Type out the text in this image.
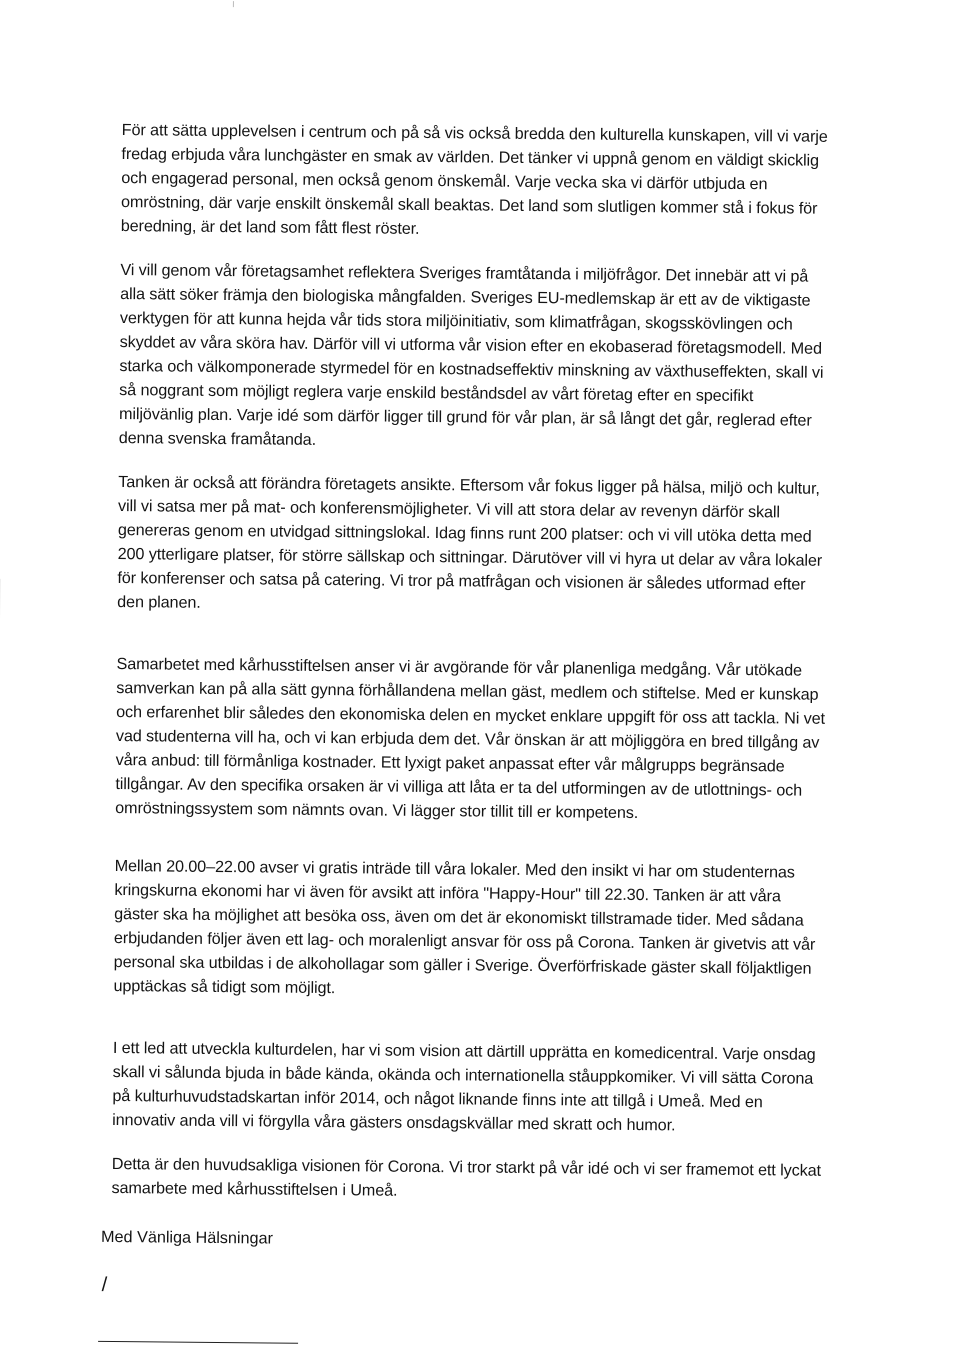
För att sätta upplevelsen i centrum och på så vis också bredda den kulturella kunskapen, vill vi varje
fredag erbjuda våra lunchgäster en smak av världen. Det tänker vi uppnå genom en väldigt skicklig
och engagerad personal, men också genom önskemål. Varje vecka ska vi därför utbjuda en
omröstning, där varje enskilt önskemål skall beaktas. Det land som slutligen kommer stå i fokus för
beredning, är det land som fått flest röster.

Vi vill genom vår företagsamhet reflektera Sveriges framtåtanda i miljöfrågor. Det innebär att vi på
alla sätt söker främja den biologiska mångfalden. Sveriges EU-medlemskap är ett av de viktigaste
verktygen för att kunna hejda vår tids stora miljöinitiativ, som klimatfrågan, skogsskövlingen och
skyddet av våra sköra hav. Därför vill vi utforma vår vision efter en ekobaserad företagsmodell. Med
starka och välkomponerade styrmedel för en kostnadseffektiv minskning av växthuseffekten, skall vi
så noggrant som möjligt reglera varje enskild beståndsdel av vårt företag efter en specifikt
miljövänlig plan. Varje idé som därför ligger till grund för vår plan, är så långt det går, reglerad efter
denna svenska framåtanda.

Tanken är också att förändra företagets ansikte. Eftersom vår fokus ligger på hälsa, miljö och kultur,
vill vi satsa mer på mat- och konferensmöjligheter. Vi vill att stora delar av revenyn därför skall
genereras genom en utvidgad sittningslokal. Idag finns runt 200 platser: och vi vill utöka detta med
200 ytterligare platser, för större sällskap och sittningar. Därutöver vill vi hyra ut delar av våra lokaler
för konferenser och satsa på catering. Vi tror på matfrågan och visionen är således utformad efter
den planen.

Samarbetet med kårhusstiftelsen anser vi är avgörande för vår planenliga medgång. Vår utökade
samverkan kan på alla sätt gynna förhållandena mellan gäst, medlem och stiftelse. Med er kunskap
och erfarenhet blir således den ekonomiska delen en mycket enklare uppgift för oss att tackla. Ni vet
vad studenterna vill ha, och vi kan erbjuda dem det. Vår önskan är att möjliggöra en bred tillgång av
våra anbud: till förmånliga kostnader. Ett lyxigt paket anpassat efter vår målgrupps begränsade
tillgångar. Av den specifika orsaken är vi villiga att låta er ta del utformingen av de utlottnings- och
omröstningssystem som nämnts ovan. Vi lägger stor tillit till er kompetens.

Mellan 20.00–22.00 avser vi gratis inträde till våra lokaler. Med den insikt vi har om studenternas
kringskurna ekonomi har vi även för avsikt att införa "Happy-Hour" till 22.30. Tanken är att våra
gäster ska ha möjlighet att besöka oss, även om det är ekonomiskt tillstramade tider. Med sådana
erbjudanden följer även ett lag- och moralenligt ansvar för oss på Corona. Tanken är givetvis att vår
personal ska utbildas i de alkohollagar som gäller i Sverige. Överförfriskade gäster skall följaktligen
upptäckas så tidigt som möjligt.

I ett led att utveckla kulturdelen, har vi som vision att därtill upprätta en komedicentral. Varje onsdag
skall vi sålunda bjuda in både kända, okända och internationella ståuppkomiker. Vi vill sätta Corona
på kulturhuvudstadskartan inför 2014, och något liknande finns inte att tillgå i Umeå. Med en
innovativ anda vill vi förgylla våra gästers onsdagskvällar med skratt och humor.

Detta är den huvudsakliga visionen för Corona. Vi tror starkt på vår idé och vi ser framemot ett lyckat
samarbete med kårhusstiftelsen i Umeå.

Med Vänliga Hälsningar

/
